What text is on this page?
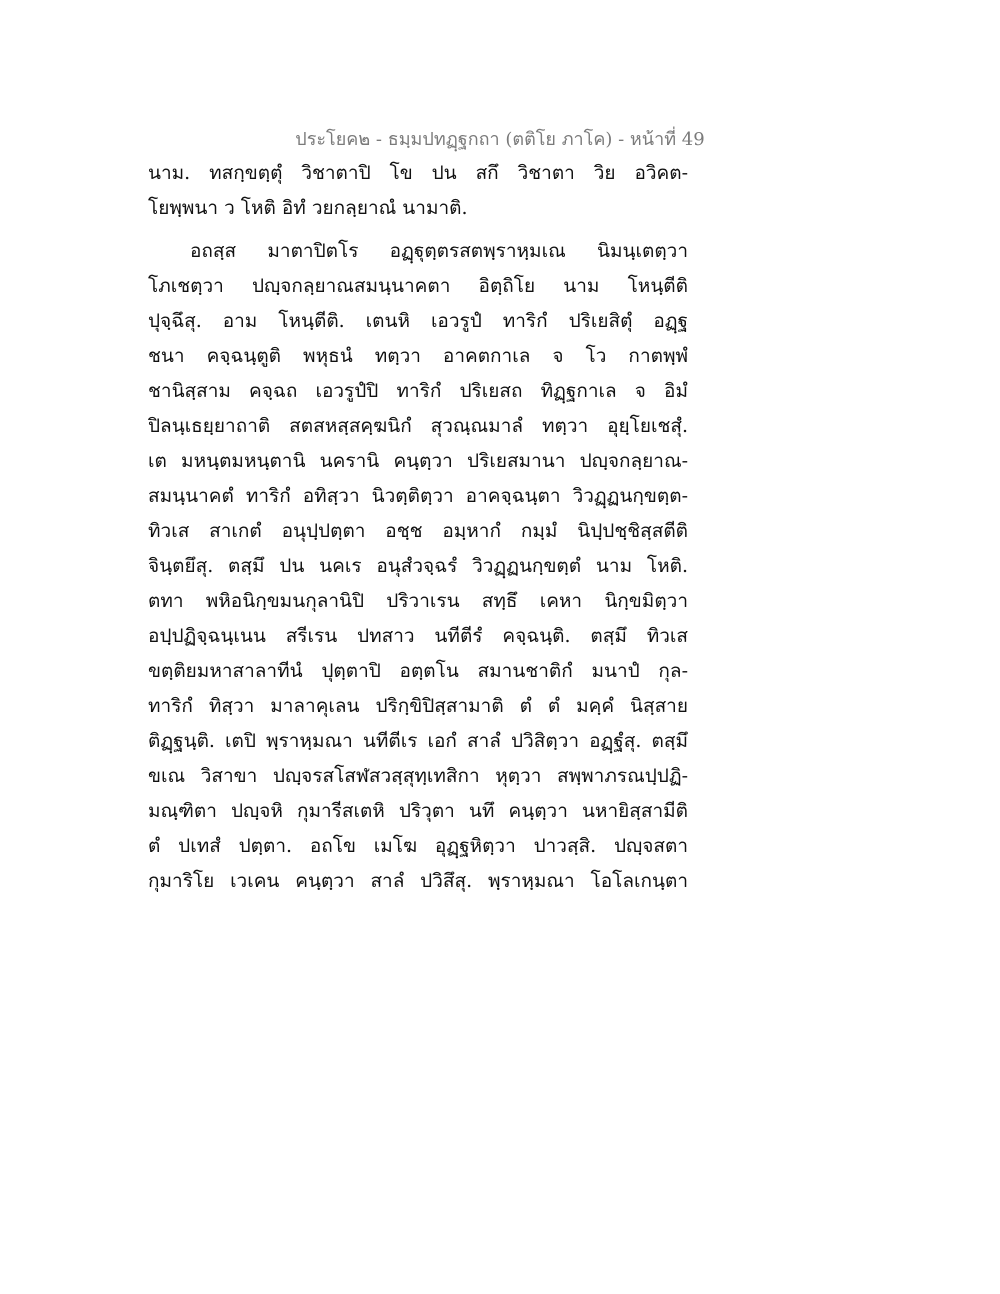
ประโยค๒ - ธมฺมปทฏฺฐกถา (ตติโย ภาโค) - หน้าที่ 49
นาม. ทสกฺขตฺตุํ วิชาตาปิ โข ปน สกึ วิชาตา วิย อวิคต-
โยพฺพนา ว โหติ อิทํ วยกลฺยาณํ นามาติ.
อถสฺส มาตาปิตโร อฏฺฐุตฺตรสตพฺราหฺมเณ นิมนฺเตตฺวา
โภเชตฺวา ปญฺจกลฺยาณสมนฺนาคตา อิตฺถิโย นาม โหนฺตีติ
ปุจฺฉึสุ. อาม โหนฺตีติ. เตนหิ เอวรูปํ ทาริกํ ปริเยสิตุํ อฏฺฐ
ชนา คจฺฉนฺตูติ พหุธนํ ทตฺวา อาคตกาเล จ โว กาตพฺพํ
ชานิสฺสาม คจฺฉถ เอวรูปํปิ ทาริกํ ปริเยสถ ทิฏฺฐกาเล จ อิมํ
ปิลนฺเธยฺยาถาติ สตสหสฺสคฺฆนิกํ สุวณฺณมาลํ ทตฺวา อุยฺโยเชสุํ.
เต มหนฺตมหนฺตานิ นครานิ คนฺตฺวา ปริเยสมานา ปญฺจกลฺยาณ-
สมนฺนาคตํ ทาริกํ อทิสฺวา นิวตฺติตฺวา อาคจฺฉนฺตา วิวฏฺฏนกฺขตฺต-
ทิวเส สาเกตํ อนุปฺปตฺตา อชฺช อมฺหากํ กมฺมํ นิปฺปชฺชิสฺสตีติ
จินฺตยึสุ. ตสฺมึ ปน นคเร อนุสํวจฺฉรํ วิวฏฺฏนกฺขตฺตํ นาม โหติ.
ตทา พหิอนิกฺขมนกุลานิปิ ปริวาเรน สทฺธึ เคหา นิกฺขมิตฺวา
อปฺปฏิจฺฉนฺเนน สรีเรน ปทสาว นทีตีรํ คจฺฉนฺติ. ตสฺมึ ทิวเส
ขตฺติยมหาสาลาทีนํ ปุตฺตาปิ อตฺตโน สมานชาติกํ มนาปํ กุล-
ทาริกํ ทิสฺวา มาลาคุเลน ปริกฺขิปิสฺสามาติ ตํ ตํ มคฺคํ นิสฺสาย
ติฏฺฐนฺติ. เตปิ พฺราหฺมณา นทีตีเร เอกํ สาลํ ปวิสิตฺวา อฏฺฐํสุ. ตสฺมึ
ขเณ วิสาขา ปญฺจรสโสฬสวสฺสุทฺเทสิกา หุตฺวา สพฺพาภรณปฺปฏิ-
มณฺฑิตา ปญฺจหิ กุมารีสเตหิ ปริวุตา นทึ คนฺตฺวา นหายิสฺสามีติ
ตํ ปเทสํ ปตฺตา. อถโข เมโฆ อุฏฺฐหิตฺวา ปาวสฺสิ. ปญฺจสตา
กุมาริโย เวเคน คนฺตฺวา สาลํ ปวิสึสุ. พฺราหฺมณา โอโลเกนฺตา
